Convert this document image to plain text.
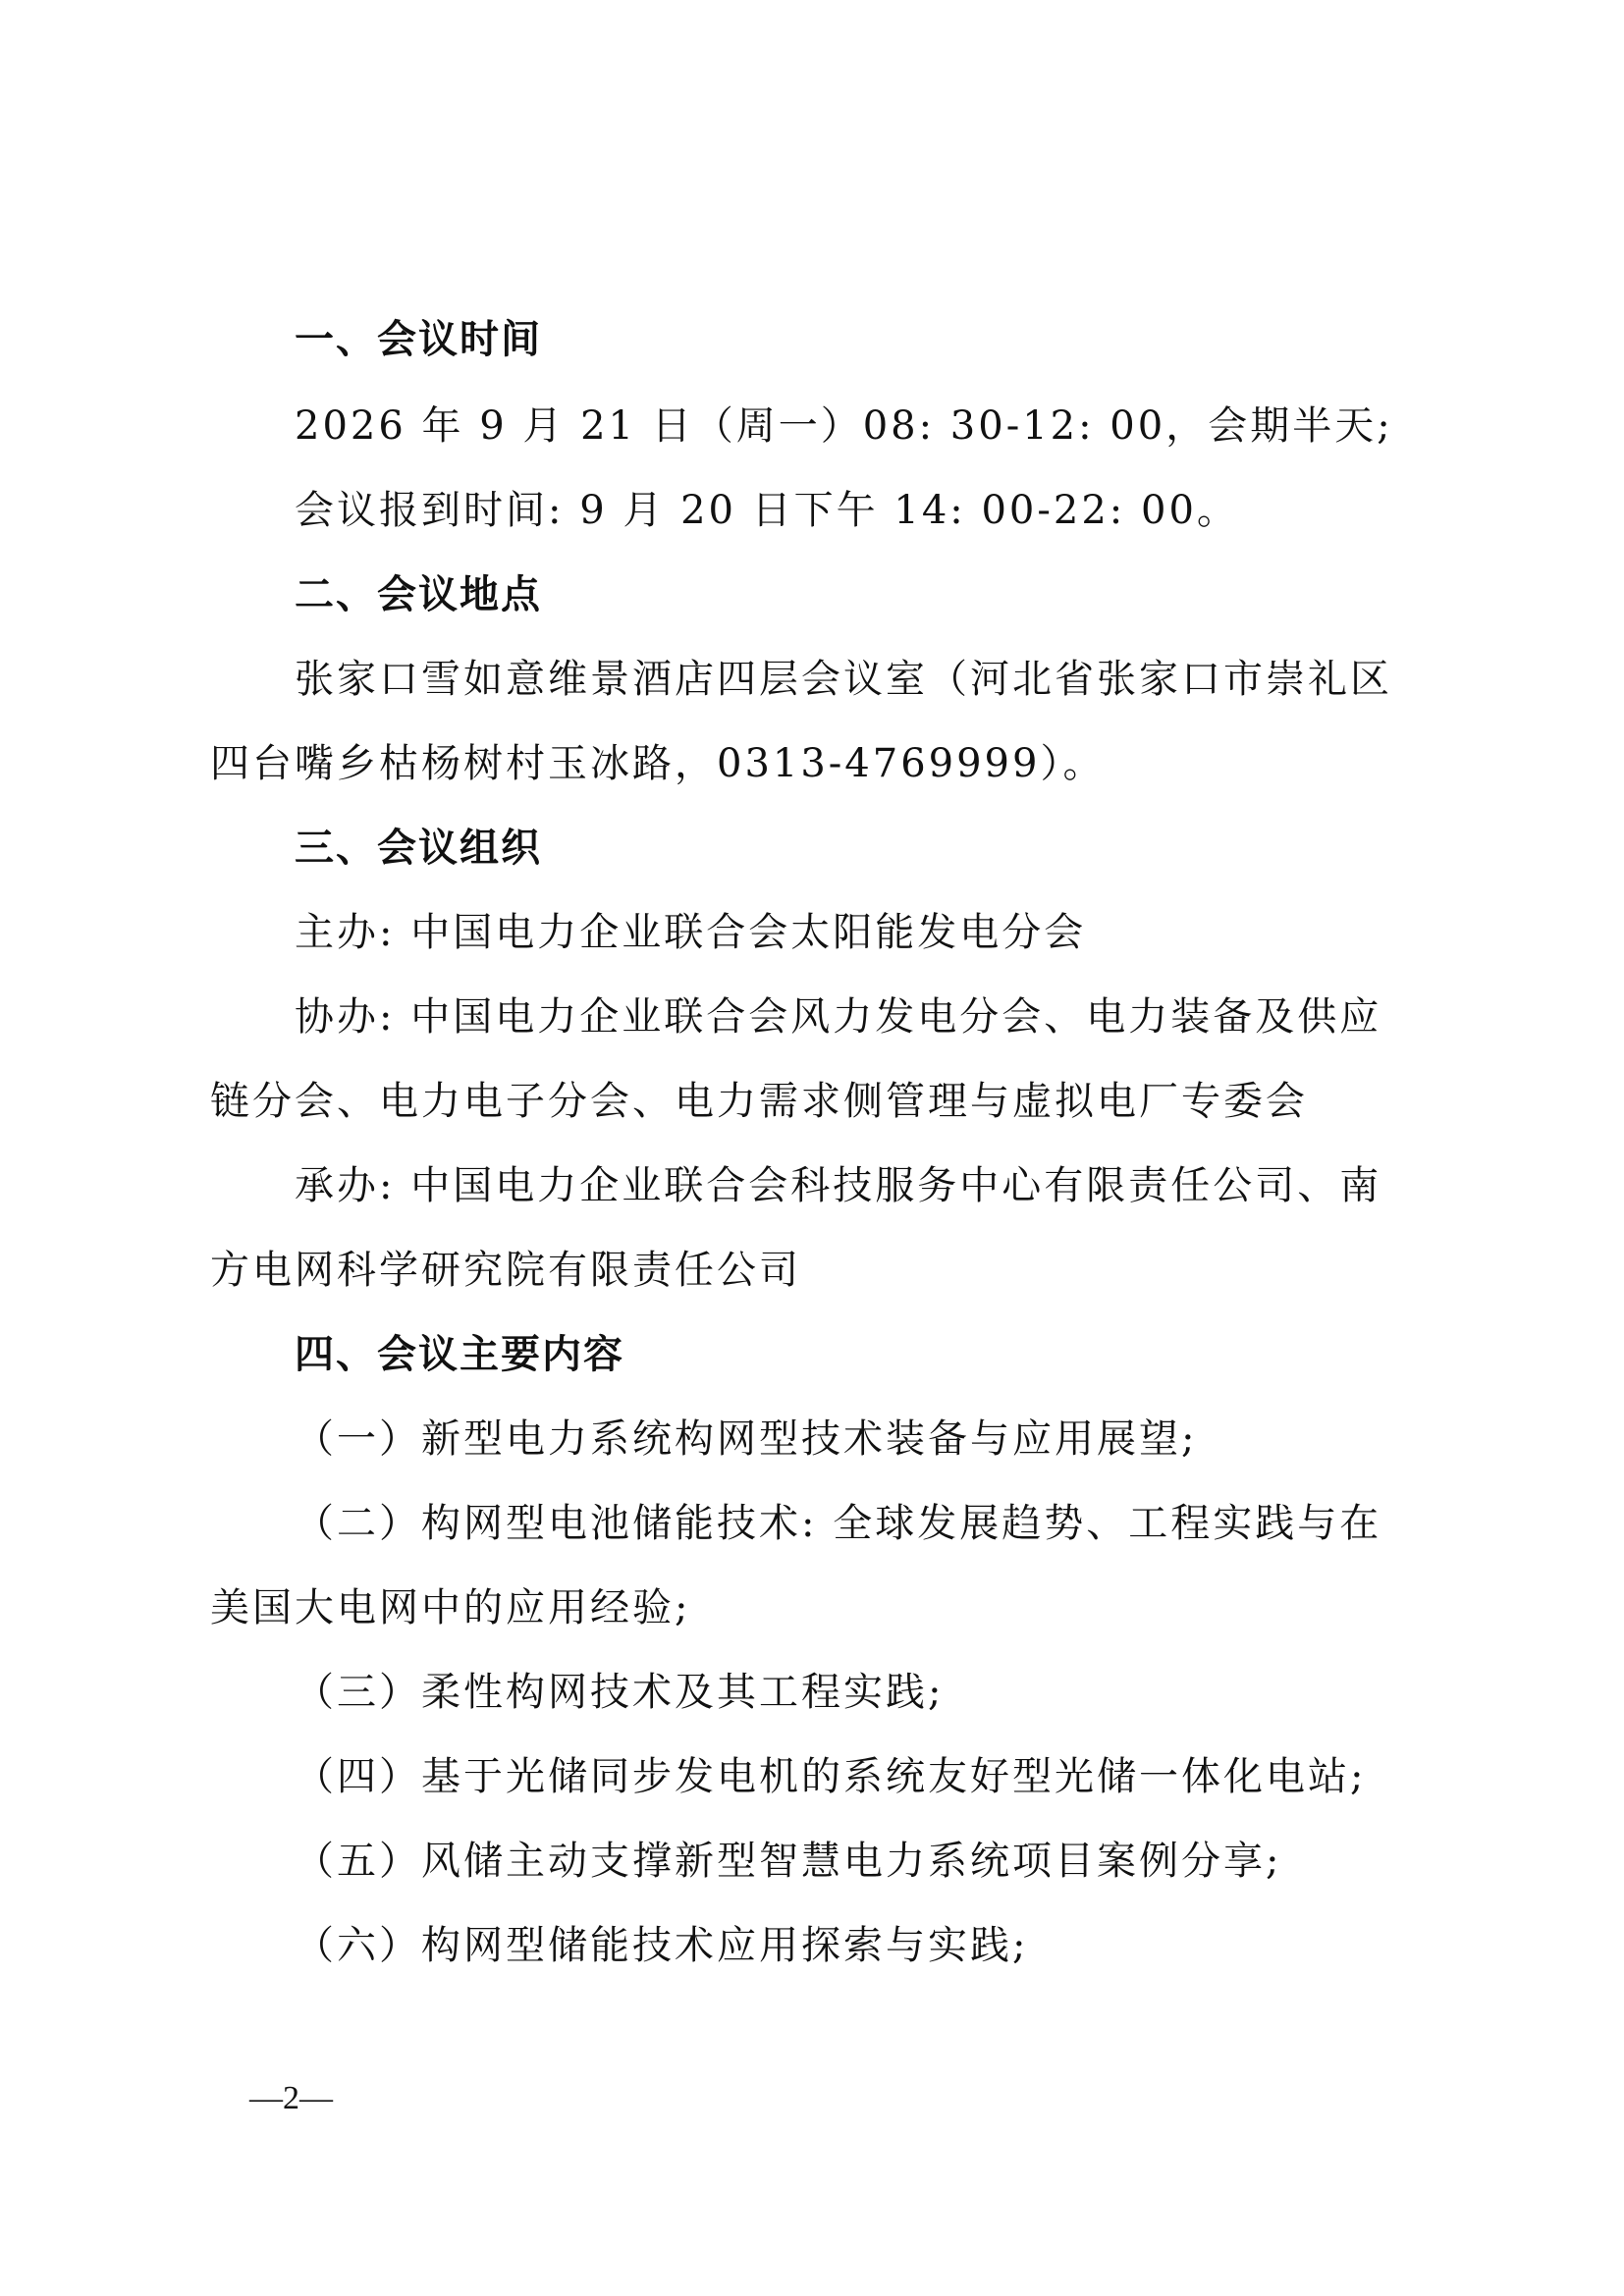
一、会议时间
2026 年 9 月 21 日（周一）08: 30-12: 00，会期半天;
会议报到时间: 9 月 20 日下午 14: 00-22: 00。
二、会议地点
张家口雪如意维景酒店四层会议室（河北省张家口市崇礼区
四台嘴乡枯杨树村玉冰路，0313-4769999）。
三、会议组织
主办: 中国电力企业联合会太阳能发电分会
协办: 中国电力企业联合会风力发电分会、电力装备及供应
链分会、电力电子分会、电力需求侧管理与虚拟电厂专委会
承办: 中国电力企业联合会科技服务中心有限责任公司、南
方电网科学研究院有限责任公司
四、会议主要内容
（一）新型电力系统构网型技术装备与应用展望;
（二）构网型电池储能技术: 全球发展趋势、工程实践与在
美国大电网中的应用经验;
（三）柔性构网技术及其工程实践;
（四）基于光储同步发电机的系统友好型光储一体化电站;
（五）风储主动支撑新型智慧电力系统项目案例分享;
（六）构网型储能技术应用探索与实践;
—2—
